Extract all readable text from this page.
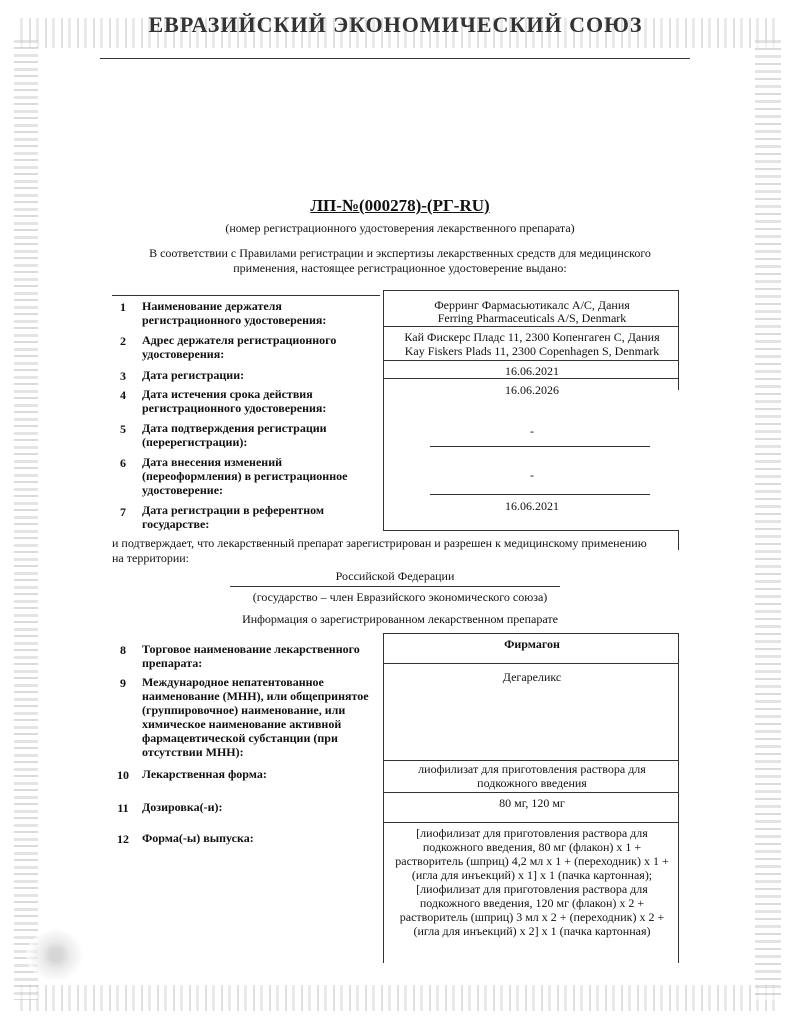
ЕВРАЗИЙСКИЙ ЭКОНОМИЧЕСКИЙ СОЮЗ
ЛП-№(000278)-(РГ-RU)
(номер регистрационного удостоверения лекарственного препарата)
В соответствии с Правилами регистрации и экспертизы лекарственных средств для медицинского
применения, настоящее регистрационное удостоверение выдано:
1	Наименование держателя регистрационного удостоверения:
Ферринг Фармасьютикалс А/С, Дания
Ferring Pharmaceuticals A/S, Denmark
2	Адрес держателя регистрационного удостоверения:
Кай Фискерс Пладс 11, 2300 Копенгаген С, Дания
Kay Fiskers Plads 11, 2300 Copenhagen S, Denmark
3	Дата регистрации:	16.06.2021
4	Дата истечения срока действия регистрационного удостоверения:
16.06.2026
5	Дата подтверждения регистрации (перерегистрации):
-
6	Дата внесения изменений (переоформления) в регистрационное удостоверение:
-
7	Дата регистрации в референтном государстве:
16.06.2021
и подтверждает, что лекарственный препарат зарегистрирован и разрешен к медицинскому применению
на территории:
Российской Федерации
(государство – член Евразийского экономического союза)
Информация о зарегистрированном лекарственном препарате
8	Торговое наименование лекарственного препарата:
Фирмагон
9	Международное непатентованное наименование (МНН), или общепринятое (группировочное) наименование, или химическое наименование активной фармацевтической субстанции (при отсутствии МНН):
Дегареликс
10	Лекарственная форма:	лиофилизат для приготовления раствора для подкожного введения
11	Дозировка(-и):	80 мг, 120 мг
12	Форма(-ы) выпуска:	[лиофилизат для приготовления раствора для подкожного введения, 80 мг (флакон) х 1 + растворитель (шприц) 4,2 мл х 1 + (переходник) х 1 + (игла для инъекций) х 1] х 1 (пачка картонная); [лиофилизат для приготовления раствора для подкожного введения, 120 мг (флакон) х 2 + растворитель (шприц) 3 мл х 2 + (переходник) х 2 + (игла для инъекций) х 2] х 1 (пачка картонная)
